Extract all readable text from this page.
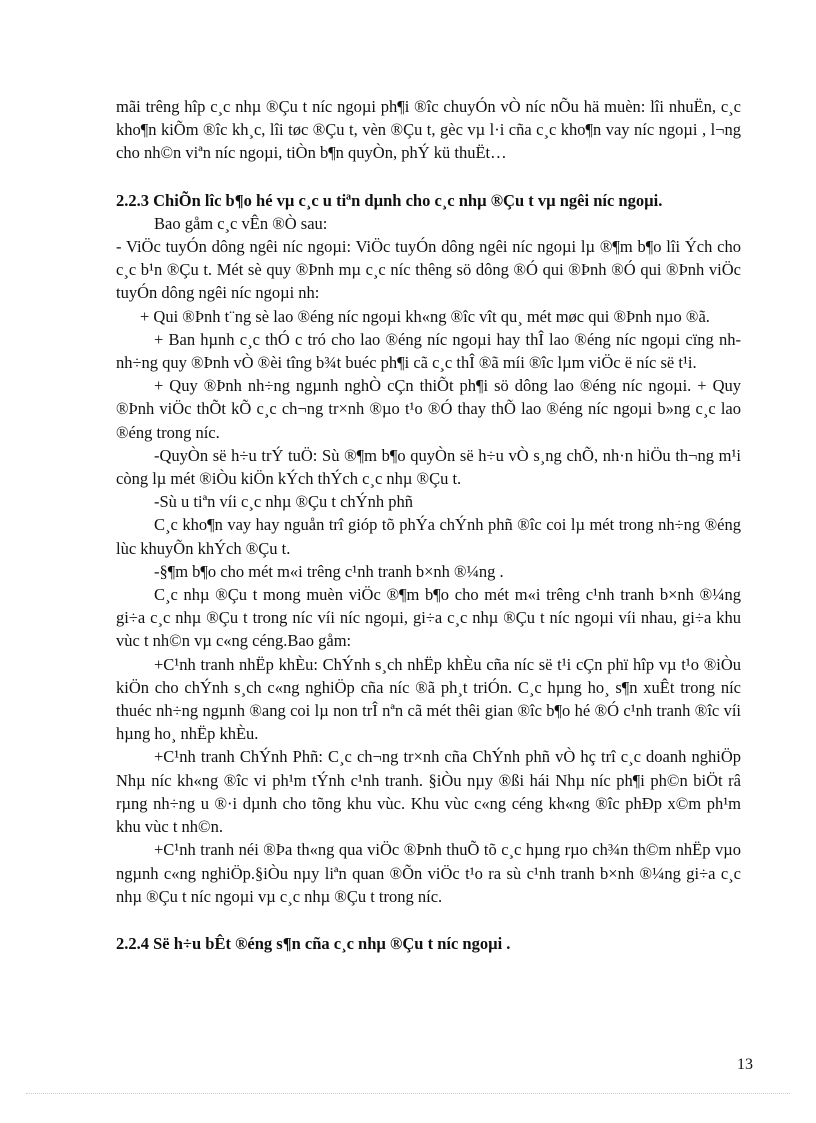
mãi trêng hîp c¸c nhµ ®Çu t níc ngoµi ph¶i ®îc chuyÓn vÒ níc nÕu hä muèn: lîi nhuËn, c¸c kho¶n kiÕm ®îc kh¸c, lîi tøc ®Çu t, vèn ®Çu t, gèc vµ l·i cña c¸c kho¶n vay níc ngoµi , l¬ng cho nh©n viªn níc ngoµi, tiÒn b¶n quyÒn, phÝ kü thuËt…

2.2.3 ChiÕn lîc b¶o hé vµ c¸c u tiªn dµnh cho c¸c nhµ ®Çu t vµ ngêi níc ngoµi.

Bao gåm c¸c vÊn ®Ò sau:

- ViÖc tuyÓn dông ngêi níc ngoµi: ViÖc tuyÓn dông ngêi níc ngoµi lµ ®¶m b¶o lîi Ých cho c¸c b¹n ®Çu t. Mét sè quy ®Þnh mµ c¸c níc thêng sö dông ®Ó qui ®Þnh ®Ó qui ®Þnh viÖc tuyÓn dông ngêi níc ngoµi nh:

+ Qui ®Þnh t¨ng sè lao ®éng níc ngoµi kh«ng ®îc vît qu¸ mét møc qui ®Þnh nµo ®ã.

+ Ban hµnh c¸c thÓ c tró cho lao ®éng níc ngoµi hay thÎ lao ®éng níc ngoµi cïng nh nh÷ng quy ®Þnh vÒ ®èi tîng b¾t buéc ph¶i cã c¸c thÎ ®ã míi ®îc lµm viÖc ë níc së t¹i.

+ Quy ®Þnh nh÷ng ngµnh nghÒ cÇn thiÕt ph¶i sö dông lao ®éng níc ngoµi. + Quy ®Þnh viÖc thÕt kÕ c¸c ch¬ng tr×nh ®µo t¹o ®Ó thay thÕ lao ®éng níc ngoµi b»ng c¸c lao ®éng trong níc.

-QuyÒn së h÷u trÝ tuÖ: Sù ®¶m b¶o quyÒn së h÷u vÒ s¸ng chÕ, nh·n hiÖu th¬ng m¹i còng lµ mét ®iÒu kiÖn kÝch thÝch c¸c nhµ ®Çu t.

-Sù u tiªn víi c¸c nhµ ®Çu t chÝnh phñ

C¸c kho¶n vay hay nguån trî gióp tõ phÝa chÝnh phñ ®îc coi lµ mét trong nh÷ng ®éng lùc khuyÕn khÝch ®Çu t.

-§¶m b¶o cho mét m«i trêng c¹nh tranh b×nh ®¼ng .

C¸c nhµ ®Çu t mong muèn viÖc ®¶m b¶o cho mét m«i trêng c¹nh tranh b×nh ®¼ng gi÷a c¸c nhµ ®Çu t trong níc víi níc ngoµi, gi÷a c¸c nhµ ®Çu t níc ngoµi víi nhau, gi÷a khu vùc t nh©n vµ c«ng céng.Bao gåm:

+C¹nh tranh nhËp khÈu: ChÝnh s¸ch nhËp khÈu cña níc së t¹i cÇn phï hîp vµ t¹o ®iÒu kiÖn cho chÝnh s¸ch c«ng nghiÖp cña níc ®ã ph¸t triÓn. C¸c hµng ho¸ s¶n xuÊt trong níc thuéc nh÷ng ngµnh ®ang coi lµ non trÎ nªn cã mét thêi gian ®îc b¶o hé ®Ó c¹nh tranh ®îc víi hµng ho¸ nhËp khÈu.

+C¹nh tranh ChÝnh Phñ: C¸c ch¬ng tr×nh cña ChÝnh phñ vÒ hç trî c¸c doanh nghiÖp Nhµ níc kh«ng ®îc vi ph¹m tÝnh c¹nh tranh. §iÒu nµy ®ßi hái Nhµ níc ph¶i ph©n biÖt râ rµng nh÷ng u ®·i dµnh cho tõng khu vùc. Khu vùc c«ng céng kh«ng ®îc phÐp x©m ph¹m khu vùc t nh©n.

+C¹nh tranh néi ®Þa th«ng qua viÖc ®Þnh thuÕ tõ c¸c hµng rµo ch¾n th©m nhËp vµo ngµnh c«ng nghiÖp.§iÒu nµy liªn quan ®Õn viÖc t¹o ra sù c¹nh tranh b×nh ®¼ng gi÷a c¸c nhµ ®Çu t níc ngoµi vµ c¸c nhµ ®Çu t trong níc.

2.2.4 Së h÷u bÊt ®éng s¶n cña c¸c nhµ ®Çu t níc ngoµi .

13
